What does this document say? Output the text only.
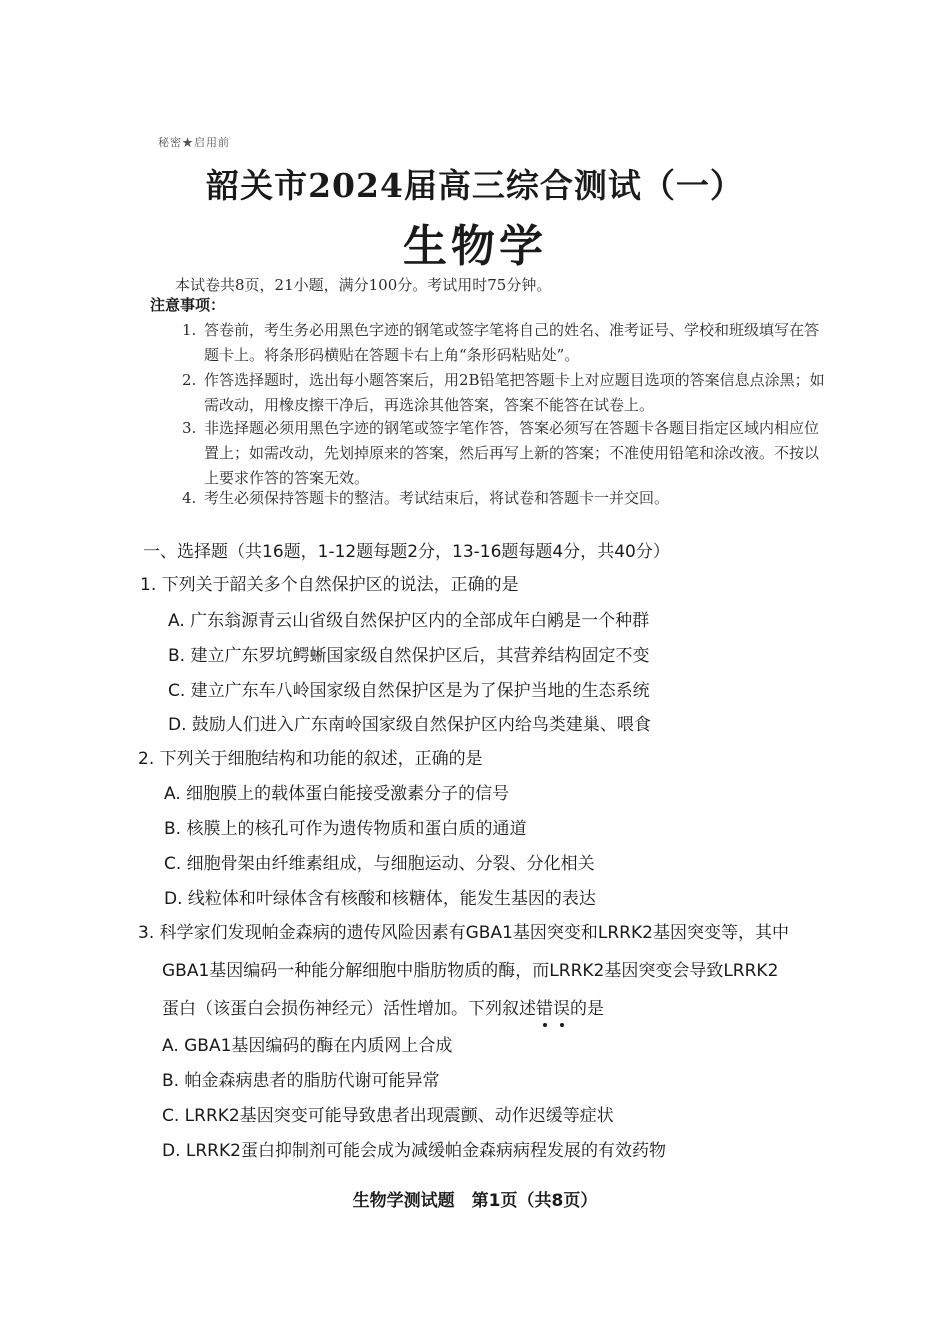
秘密★启用前
韶关市2024届高三综合测试（一）
生物学
本试卷共8页，21小题，满分100分。考试用时75分钟。
注意事项：
1. 答卷前，考生务必用黑色字迹的钢笔或签字笔将自己的姓名、准考证号、学校和班级填写在答题卡上。将条形码横贴在答题卡右上角“条形码粘贴处”。
2. 作答选择题时，选出每小题答案后，用2B铅笔把答题卡上对应题目选项的答案信息点涂黑；如需改动，用橡皮擦干净后，再选涂其他答案，答案不能答在试卷上。
3. 非选择题必须用黑色字迹的钢笔或签字笔作答，答案必须写在答题卡各题目指定区域内相应位置上；如需改动，先划掉原来的答案，然后再写上新的答案；不准使用铅笔和涂改液。不按以上要求作答的答案无效。
4. 考生必须保持答题卡的整洁。考试结束后，将试卷和答题卡一并交回。
一、选择题（共16题，1-12题每题2分，13-16题每题4分，共40分）
1. 下列关于韶关多个自然保护区的说法，正确的是
A. 广东翁源青云山省级自然保护区内的全部成年白鹇是一个种群
B. 建立广东罗坑鳄蜥国家级自然保护区后，其营养结构固定不变
C. 建立广东车八岭国家级自然保护区是为了保护当地的生态系统
D. 鼓励人们进入广东南岭国家级自然保护区内给鸟类建巢、喂食
2. 下列关于细胞结构和功能的叙述，正确的是
A. 细胞膜上的载体蛋白能接受激素分子的信号
B. 核膜上的核孔可作为遗传物质和蛋白质的通道
C. 细胞骨架由纤维素组成，与细胞运动、分裂、分化相关
D. 线粒体和叶绿体含有核酸和核糖体，能发生基因的表达
3. 科学家们发现帕金森病的遗传风险因素有GBA1基因突变和LRRK2基因突变等，其中
GBA1基因编码一种能分解细胞中脂肪物质的酶，而LRRK2基因突变会导致LRRK2
蛋白（该蛋白会损伤神经元）活性增加。下列叙述错误
的是
A. GBA1基因编码的酶在内质网上合成
B. 帕金森病患者的脂肪代谢可能异常
C. LRRK2基因突变可能导致患者出现震颤、动作迟缓等症状
D. LRRK2蛋白抑制剂可能会成为减缓帕金森病病程发展的有效药物
生物学测试题　第1页（共8页）
